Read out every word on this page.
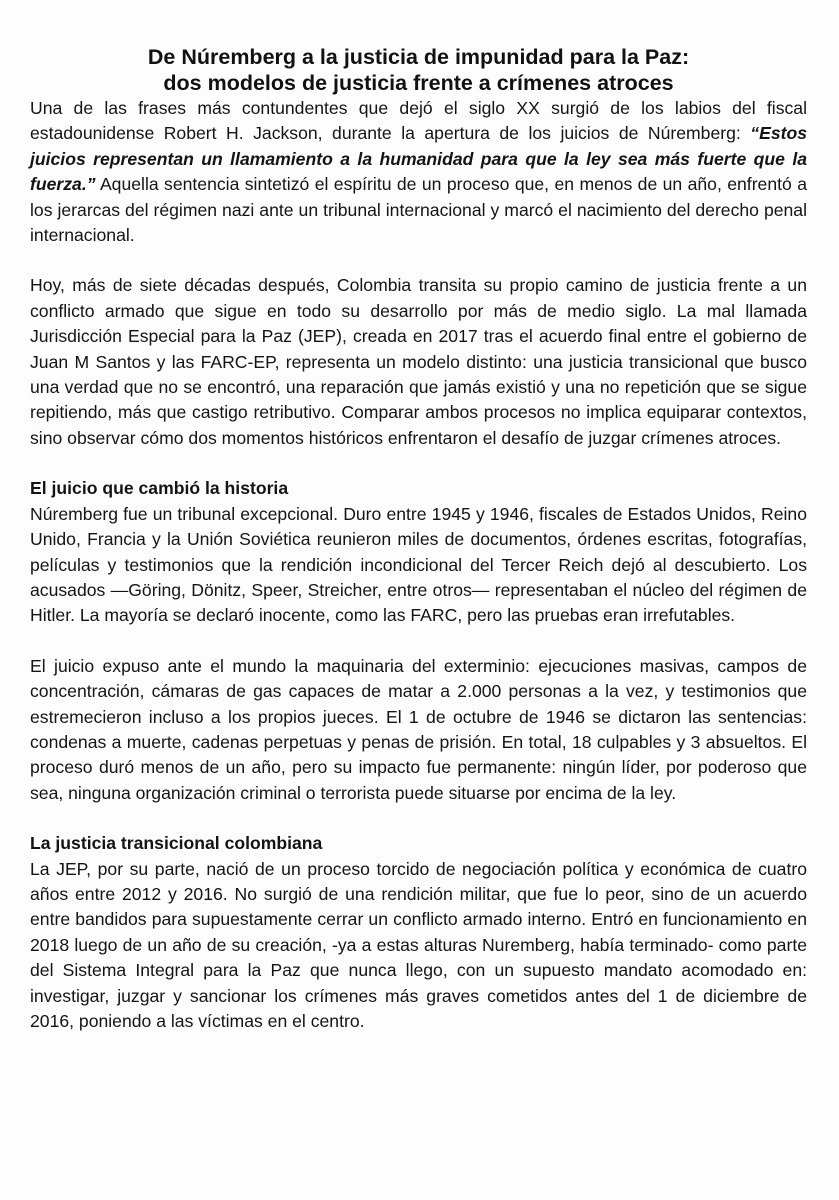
De Núremberg a la justicia de impunidad para la Paz:
dos modelos de justicia frente a crímenes atroces

Una de las frases más contundentes que dejó el siglo XX surgió de los labios del fiscal estadounidense Robert H. Jackson, durante la apertura de los juicios de Núremberg: “Estos juicios representan un llamamiento a la humanidad para que la ley sea más fuerte que la fuerza.” Aquella sentencia sintetizó el espíritu de un proceso que, en menos de un año, enfrentó a los jerarcas del régimen nazi ante un tribunal internacional y marcó el nacimiento del derecho penal internacional.

Hoy, más de siete décadas después, Colombia transita su propio camino de justicia frente a un conflicto armado que sigue en todo su desarrollo por más de medio siglo. La mal llamada Jurisdicción Especial para la Paz (JEP), creada en 2017 tras el acuerdo final entre el gobierno de Juan M Santos y las FARC-EP, representa un modelo distinto: una justicia transicional que busco una verdad que no se encontró, una reparación que jamás existió y una no repetición que se sigue repitiendo, más que castigo retributivo. Comparar ambos procesos no implica equiparar contextos, sino observar cómo dos momentos históricos enfrentaron el desafío de juzgar crímenes atroces.

El juicio que cambió la historia

Núremberg fue un tribunal excepcional. Duro entre 1945 y 1946, fiscales de Estados Unidos, Reino Unido, Francia y la Unión Soviética reunieron miles de documentos, órdenes escritas, fotografías, películas y testimonios que la rendición incondicional del Tercer Reich dejó al descubierto. Los acusados —Göring, Dönitz, Speer, Streicher, entre otros— representaban el núcleo del régimen de Hitler. La mayoría se declaró inocente, como las FARC, pero las pruebas eran irrefutables.

El juicio expuso ante el mundo la maquinaria del exterminio: ejecuciones masivas, campos de concentración, cámaras de gas capaces de matar a 2.000 personas a la vez, y testimonios que estremecieron incluso a los propios jueces. El 1 de octubre de 1946 se dictaron las sentencias: condenas a muerte, cadenas perpetuas y penas de prisión. En total, 18 culpables y 3 absueltos. El proceso duró menos de un año, pero su impacto fue permanente: ningún líder, por poderoso que sea, ninguna organización criminal o terrorista puede situarse por encima de la ley.

La justicia transicional colombiana

La JEP, por su parte, nació de un proceso torcido de negociación política y económica de cuatro años entre 2012 y 2016. No surgió de una rendición militar, que fue lo peor, sino de un acuerdo entre bandidos para supuestamente cerrar un conflicto armado interno. Entró en funcionamiento en 2018 luego de un año de su creación, -ya a estas alturas Nuremberg, había terminado- como parte del Sistema Integral para la Paz que nunca llego, con un supuesto mandato acomodado en: investigar, juzgar y sancionar los crímenes más graves cometidos antes del 1 de diciembre de 2016, poniendo a las víctimas en el centro.
